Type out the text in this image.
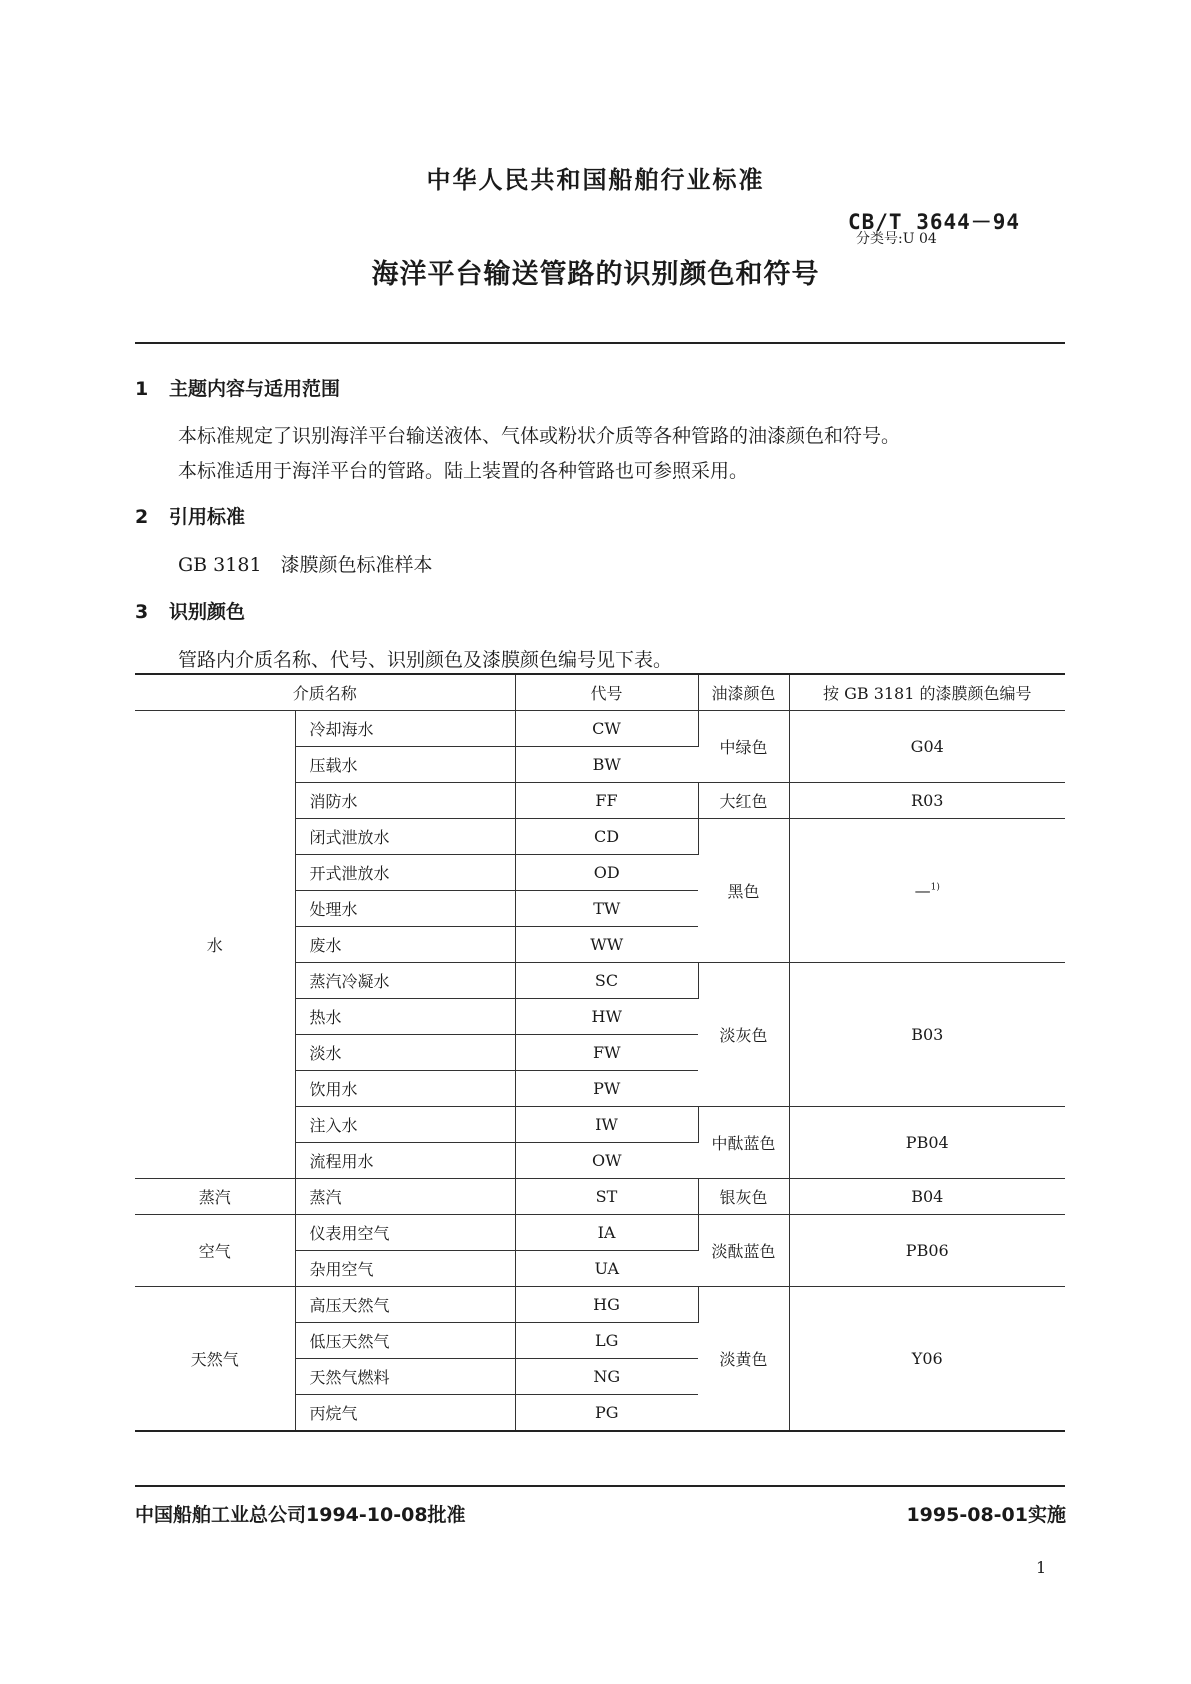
中华人民共和国船舶行业标准
CB/T 3644－94
分类号:U 04
海洋平台输送管路的识别颜色和符号
1 主题内容与适用范围
本标准规定了识别海洋平台输送液体、气体或粉状介质等各种管路的油漆颜色和符号。
本标准适用于海洋平台的管路。陆上装置的各种管路也可参照采用。
2 引用标准
GB 3181　漆膜颜色标准样本
3 识别颜色
管路内介质名称、代号、识别颜色及漆膜颜色编号见下表。
介质名称		代号	油漆颜色	按 GB 3181 的漆膜颜色编号
水	冷却海水	CW	中绿色	G04
	压载水	BW		
	消防水	FF	大红色	R03
	闭式泄放水	CD	黑色	—$^{1)}$
	开式泄放水	OD		
	处理水	TW		
	废水	WW		
	蒸汽冷凝水	SC	淡灰色	B03
	热水	HW		
	淡水	FW		
	饮用水	PW		
	注入水	IW	中酞蓝色	PB04
	流程用水	OW		
蒸汽	蒸汽	ST	银灰色	B04
空气	仪表用空气	IA	淡酞蓝色	PB06
	杂用空气	UA		
天然气	高压天然气	HG	淡黄色	Y06
	低压天然气	LG		
	天然气燃料	NG		
	丙烷气	PG		
中国船舶工业总公司1994-10-08批准	1995-08-01实施
1
